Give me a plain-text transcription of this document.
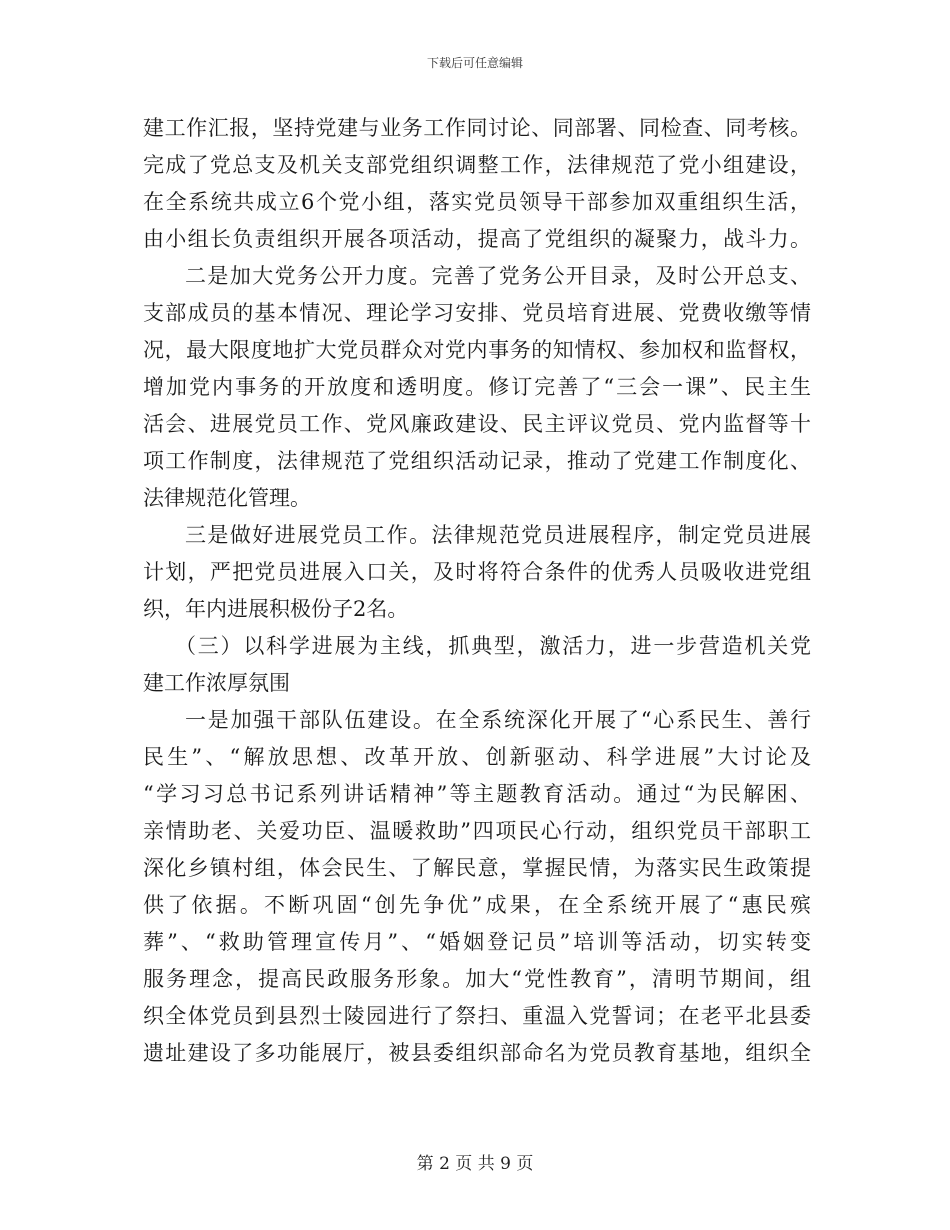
下载后可任意编辑
建工作汇报，坚持党建与业务工作同讨论、同部署、同检查、同考核。
完成了党总支及机关支部党组织调整工作，法律规范了党小组建设，
在全系统共成立6个党小组，落实党员领导干部参加双重组织生活，
由小组长负责组织开展各项活动，提高了党组织的凝聚力，战斗力。
二是加大党务公开力度。完善了党务公开目录，及时公开总支、
支部成员的基本情况、理论学习安排、党员培育进展、党费收缴等情
况，最大限度地扩大党员群众对党内事务的知情权、参加权和监督权，
增加党内事务的开放度和透明度。修订完善了“三会一课”、民主生
活会、进展党员工作、党风廉政建设、民主评议党员、党内监督等十
项工作制度，法律规范了党组织活动记录，推动了党建工作制度化、
法律规范化管理。
三是做好进展党员工作。法律规范党员进展程序，制定党员进展
计划，严把党员进展入口关，及时将符合条件的优秀人员吸收进党组
织，年内进展积极份子2名。
（三）以科学进展为主线，抓典型，激活力，进一步营造机关党
建工作浓厚氛围
一是加强干部队伍建设。在全系统深化开展了“心系民生、善行
民生”、“解放思想、改革开放、创新驱动、科学进展”大讨论及
“学习习总书记系列讲话精神”等主题教育活动。通过“为民解困、
亲情助老、关爱功臣、温暖救助”四项民心行动，组织党员干部职工
深化乡镇村组，体会民生、了解民意，掌握民情，为落实民生政策提
供了依据。不断巩固“创先争优”成果，在全系统开展了“惠民殡
葬”、“救助管理宣传月”、“婚姻登记员”培训等活动，切实转变
服务理念，提高民政服务形象。加大“党性教育”，清明节期间，组
织全体党员到县烈士陵园进行了祭扫、重温入党誓词；在老平北县委
遗址建设了多功能展厅，被县委组织部命名为党员教育基地，组织全
第 2 页 共 9 页
